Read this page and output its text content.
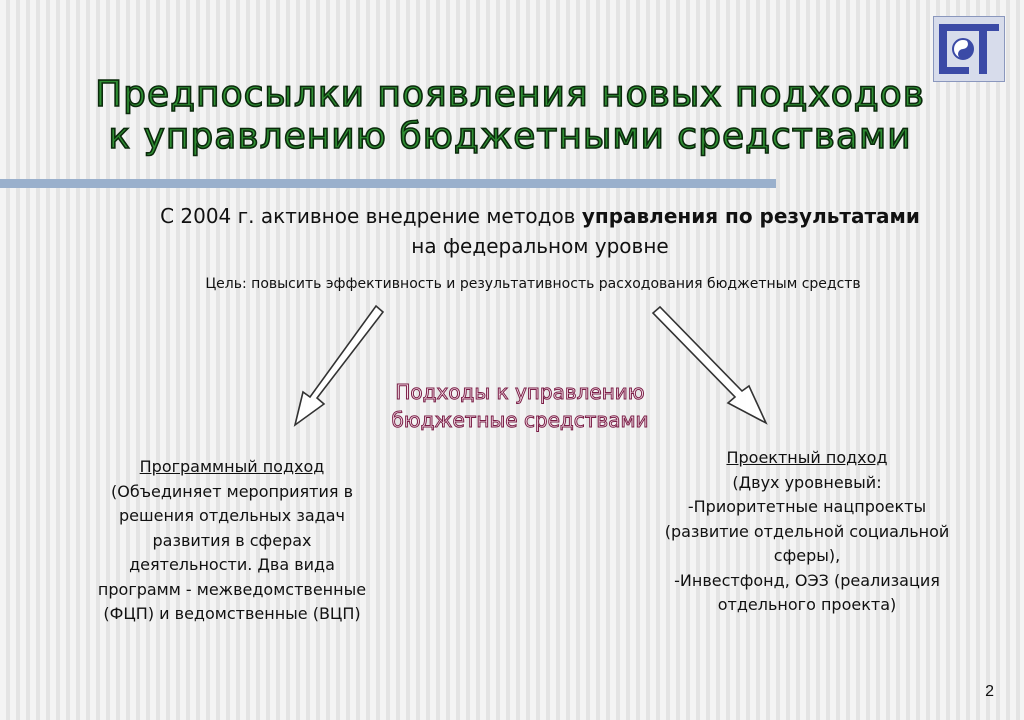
Предпосылки появления новых подходов
к управлению бюджетными средствами
С 2004 г. активное внедрение методов управления по результатами на федеральном уровне
Цель: повысить эффективность и результативность расходования бюджетным средств
Подходы к управлению
бюджетные средствами
Программный подход
(Объединяет мероприятия в решения отдельных задач развития в сферах деятельности. Два вида программ - межведомственные (ФЦП) и ведомственные (ВЦП)
Проектный подход
(Двух уровневый:
-Приоритетные нацпроекты (развитие отдельной социальной сферы),
-Инвестфонд, ОЭЗ (реализация отдельного проекта)
2
